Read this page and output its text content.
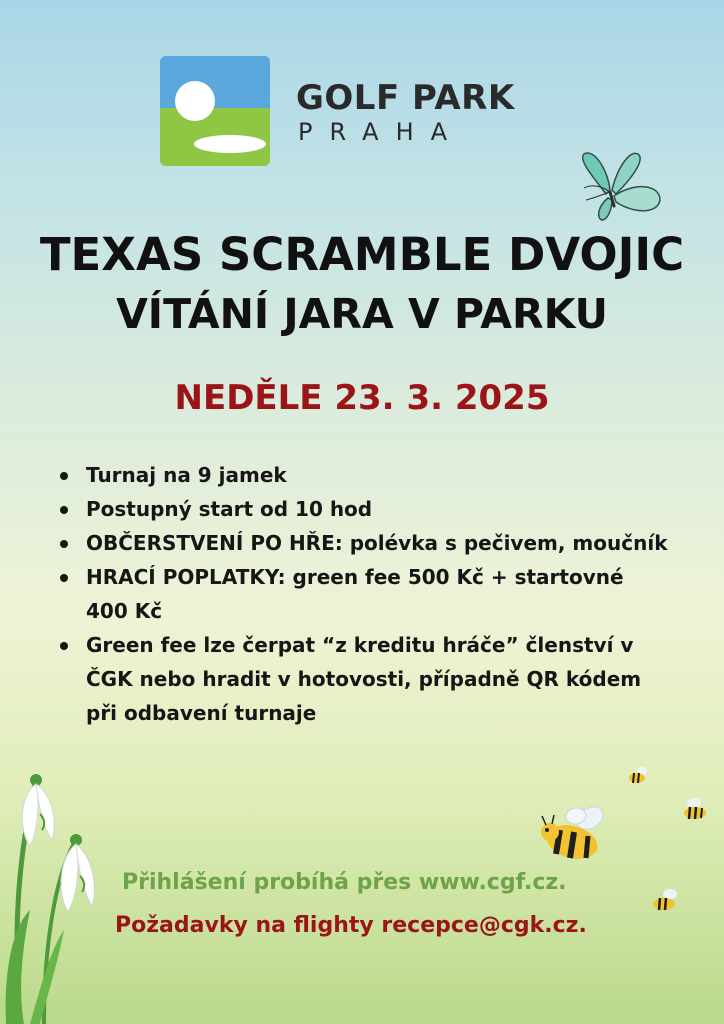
GOLF PARK
PRAHA
TEXAS SCRAMBLE DVOJIC
VÍTÁNÍ JARA V PARKU
NEDĚLE 23. 3. 2025
Turnaj na 9 jamek
Postupný start od 10 hod
OBČERSTVENÍ PO HŘE: polévka s pečivem, moučník
HRACÍ POPLATKY: green fee 500 Kč + startovné 400 Kč
Green fee lze čerpat “z kreditu hráče” členství v ČGK nebo hradit v hotovosti, případně QR kódem při odbavení turnaje
Přihlášení probíhá přes www.cgf.cz.
Požadavky na flighty recepce@cgk.cz.
